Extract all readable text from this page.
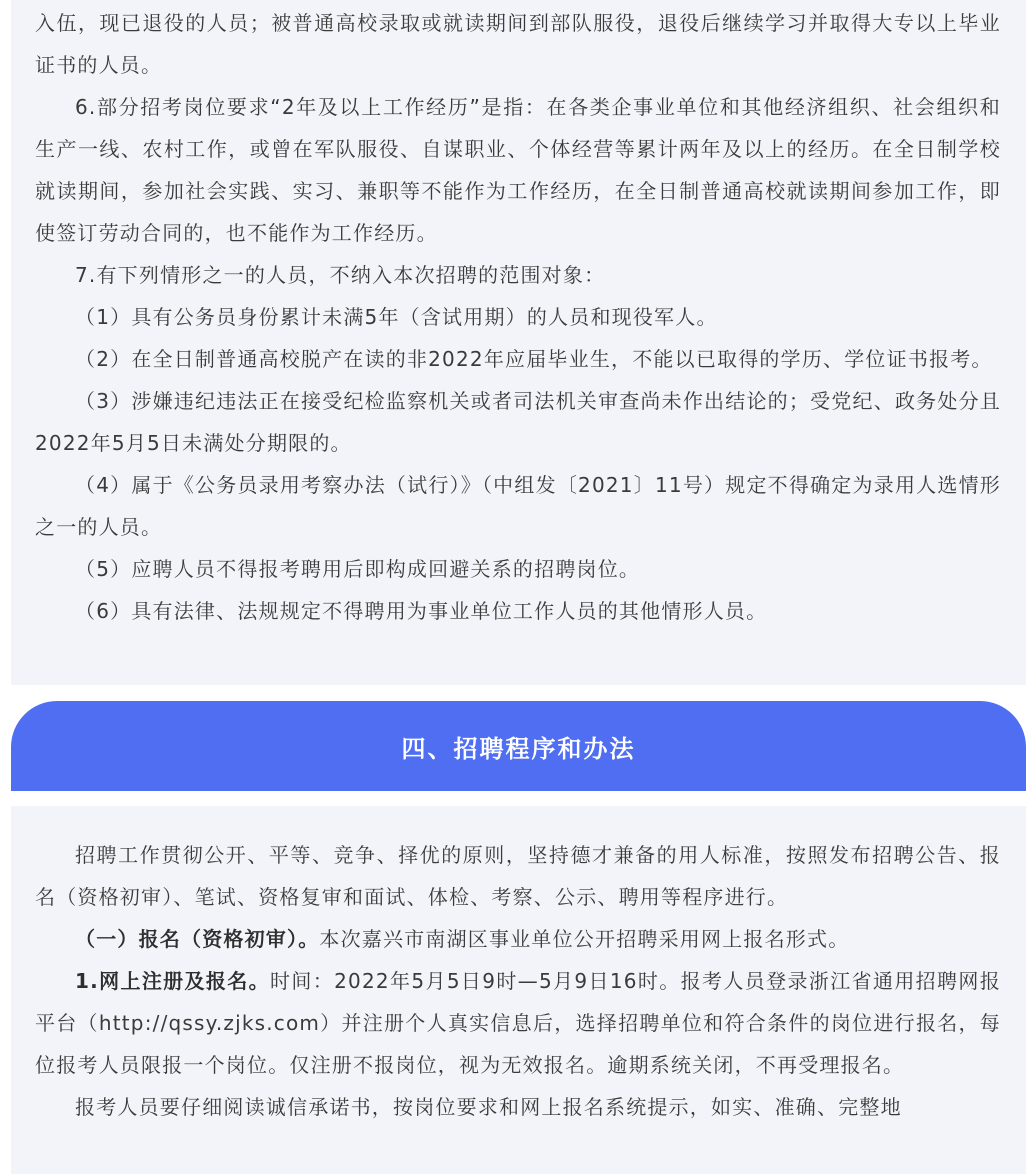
入伍，现已退役的人员；被普通高校录取或就读期间到部队服役，退役后继续学习并取得大专以上毕业证书的人员。

6.部分招考岗位要求“2年及以上工作经历”是指：在各类企事业单位和其他经济组织、社会组织和生产一线、农村工作，或曾在军队服役、自谋职业、个体经营等累计两年及以上的经历。在全日制学校就读期间，参加社会实践、实习、兼职等不能作为工作经历，在全日制普通高校就读期间参加工作，即使签订劳动合同的，也不能作为工作经历。

7.有下列情形之一的人员，不纳入本次招聘的范围对象：

（1）具有公务员身份累计未满5年（含试用期）的人员和现役军人。

（2）在全日制普通高校脱产在读的非2022年应届毕业生，不能以已取得的学历、学位证书报考。

（3）涉嫌违纪违法正在接受纪检监察机关或者司法机关审查尚未作出结论的；受党纪、政务处分且2022年5月5日未满处分期限的。

（4）属于《公务员录用考察办法（试行）》（中组发〔2021〕11号）规定不得确定为录用人选情形之一的人员。

（5）应聘人员不得报考聘用后即构成回避关系的招聘岗位。

（6）具有法律、法规规定不得聘用为事业单位工作人员的其他情形人员。

四、招聘程序和办法

招聘工作贯彻公开、平等、竞争、择优的原则，坚持德才兼备的用人标准，按照发布招聘公告、报名（资格初审）、笔试、资格复审和面试、体检、考察、公示、聘用等程序进行。

（一）报名（资格初审）。本次嘉兴市南湖区事业单位公开招聘采用网上报名形式。

1.网上注册及报名。时间：2022年5月5日9时—5月9日16时。报考人员登录浙江省通用招聘网报平台（http://qssy.zjks.com）并注册个人真实信息后，选择招聘单位和符合条件的岗位进行报名，每位报考人员限报一个岗位。仅注册不报岗位，视为无效报名。逾期系统关闭，不再受理报名。

报考人员要仔细阅读诚信承诺书，按岗位要求和网上报名系统提示，如实、准确、完整地
